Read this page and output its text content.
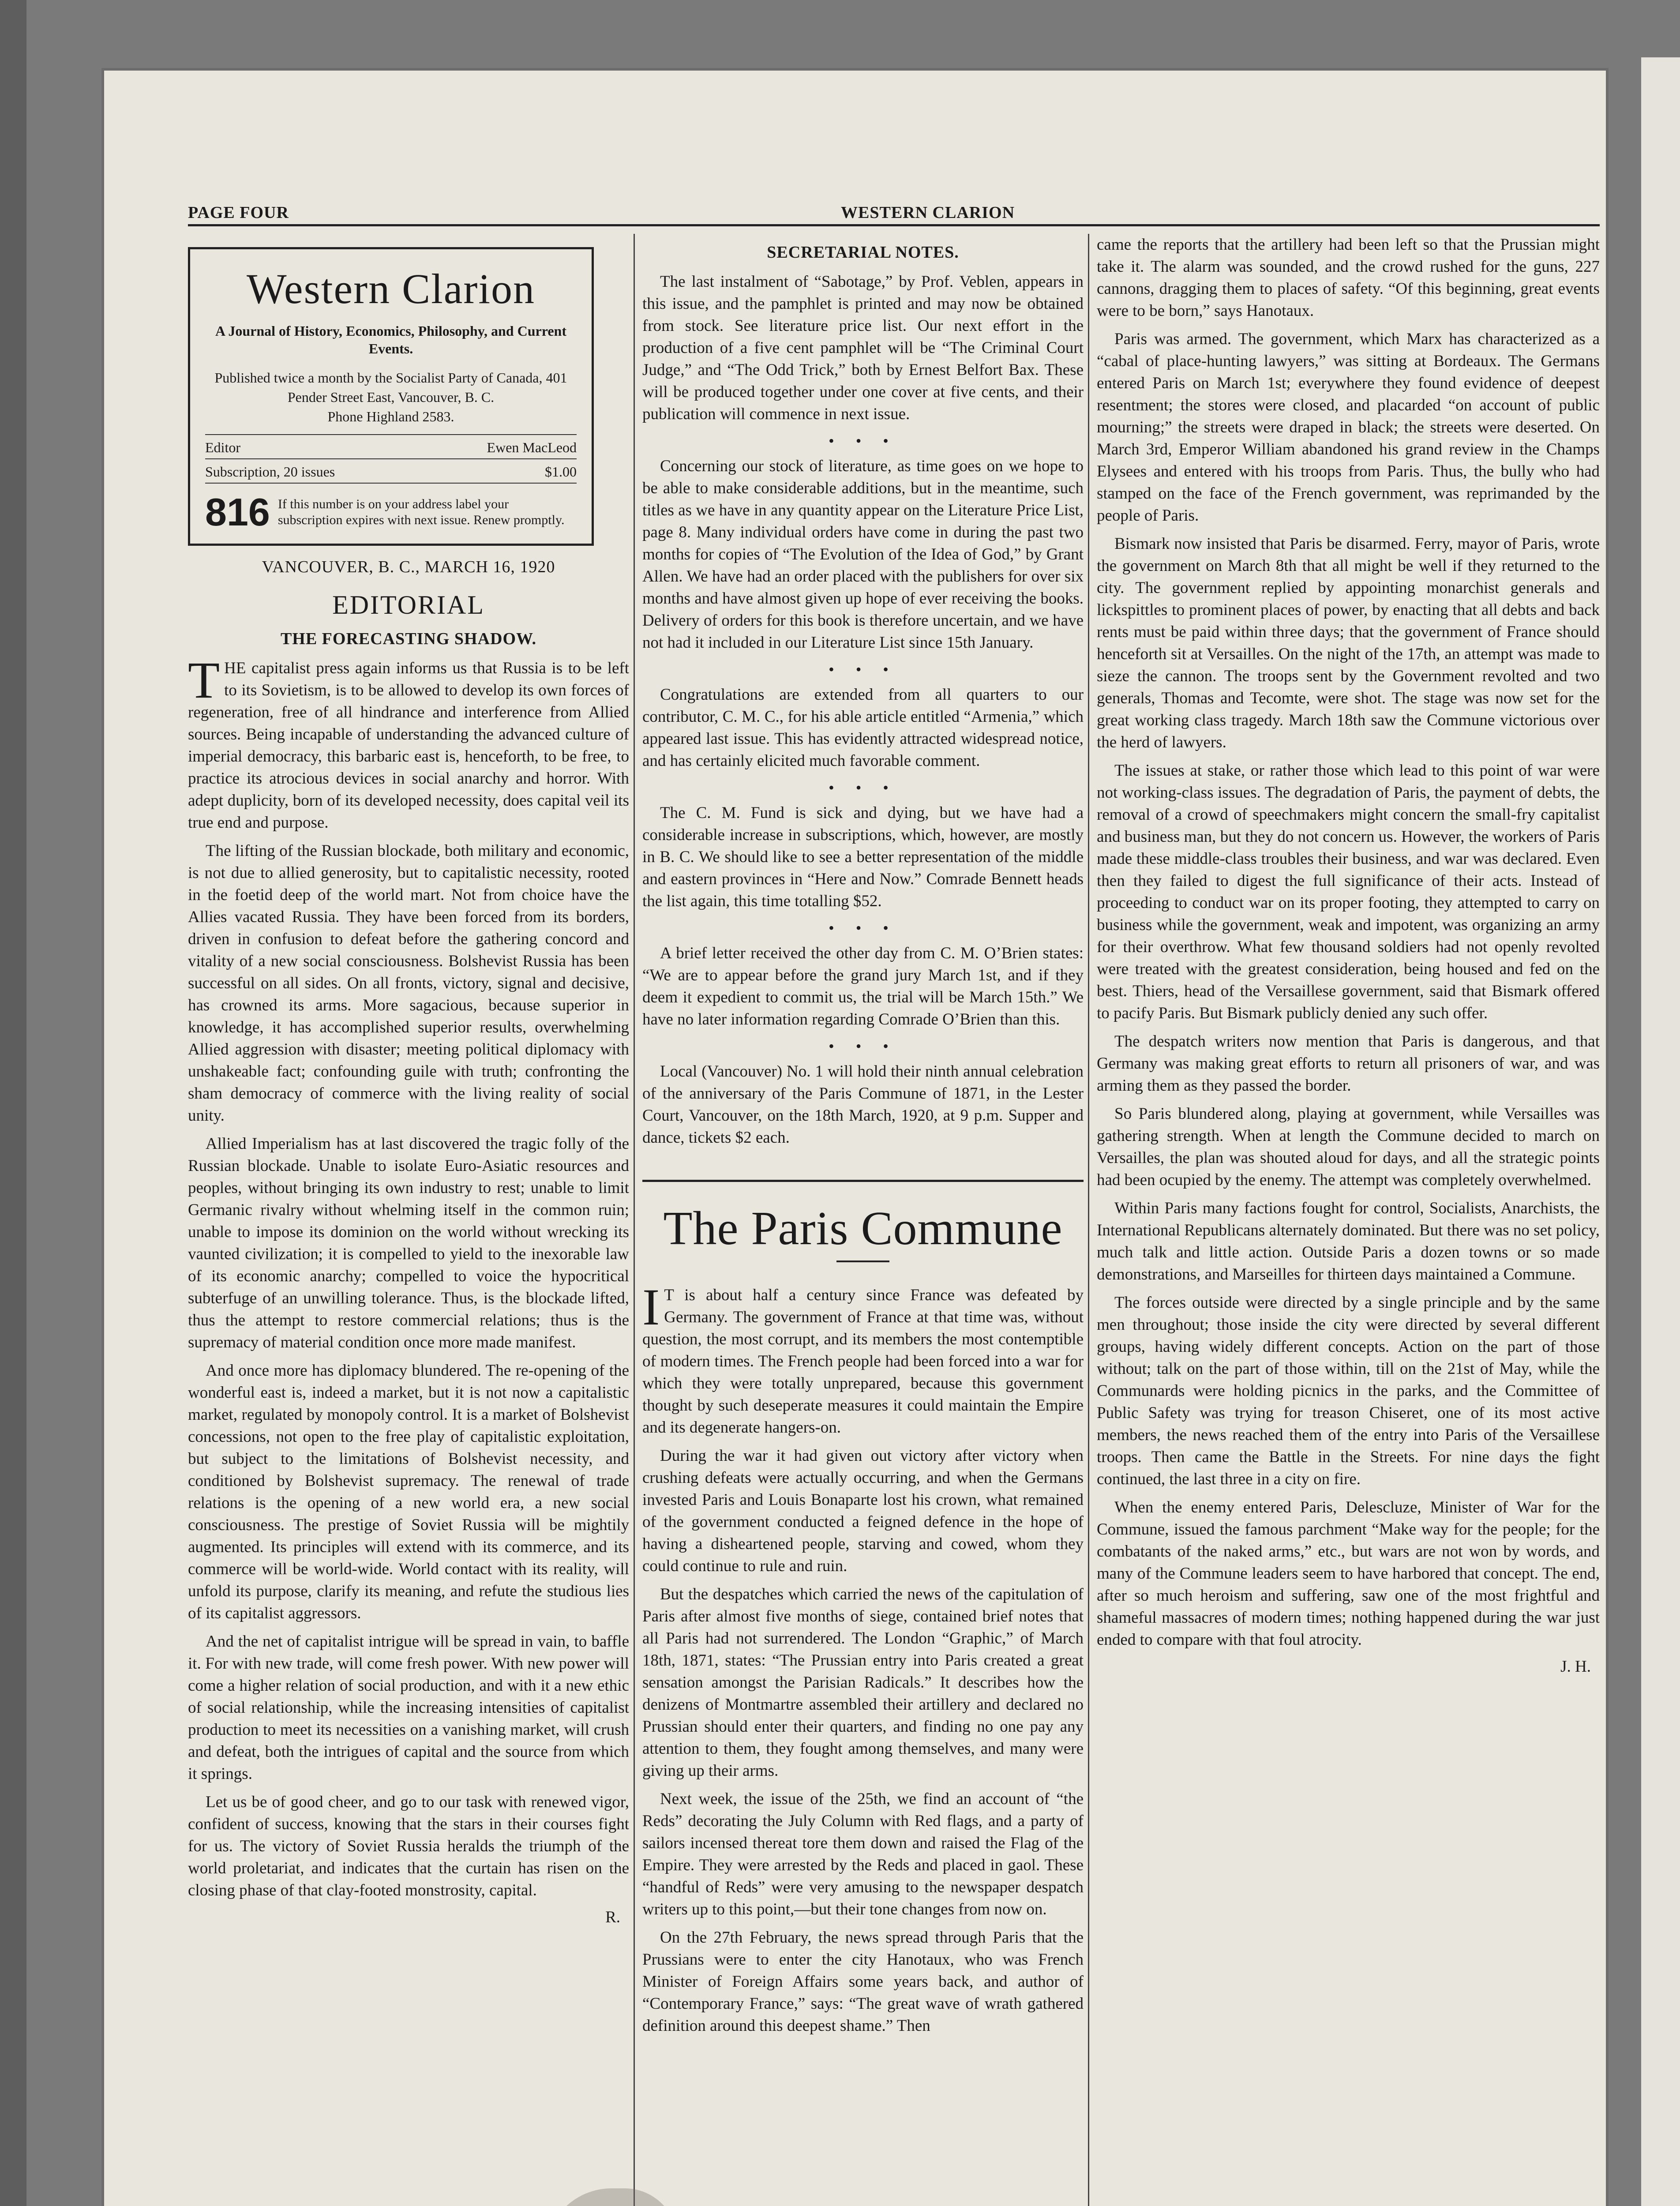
PAGE FOUR	WESTERN CLARION
Western Clarion
A Journal of History, Economics, Philosophy, and Current Events.
Published twice a month by the Socialist Party of Canada, 401 Pender Street East, Vancouver, B. C.
Phone Highland 2583.
Editor	Ewen MacLeod
Subscription, 20 issues	$1.00
816 If this number is on your address label your subscription expires with next issue. Renew promptly.
VANCOUVER, B. C., MARCH 16, 1920
EDITORIAL
THE FORECASTING SHADOW.

THE capitalist press again informs us that Russia is to be left to its Sovietism, is to be allowed to develop its own forces of regeneration, free of all hindrance and interference from Allied sources. Being incapable of understanding the advanced culture of imperial democracy, this barbaric east is, henceforth, to be free, to practice its atrocious devices in social anarchy and horror. With adept duplicity, born of its developed necessity, does capital veil its true end and purpose.

The lifting of the Russian blockade, both military and economic, is not due to allied generosity, but to capitalistic necessity, rooted in the foetid deep of the world mart. Not from choice have the Allies vacated Russia. They have been forced from its borders, driven in confusion to defeat before the gathering concord and vitality of a new social consciousness. Bolshevist Russia has been successful on all sides. On all fronts, victory, signal and decisive, has crowned its arms. More sagacious, because superior in knowledge, it has accomplished superior results, overwhelming Allied aggression with disaster; meeting political diplomacy with unshakeable fact; confounding guile with truth; confronting the sham democracy of commerce with the living reality of social unity.

Allied Imperialism has at last discovered the tragic folly of the Russian blockade. Unable to isolate Euro-Asiatic resources and peoples, without bringing its own industry to rest; unable to limit Germanic rivalry without whelming itself in the common ruin; unable to impose its dominion on the world without wrecking its vaunted civilization; it is compelled to yield to the inexorable law of its economic anarchy; compelled to voice the hypocritical subterfuge of an unwilling tolerance. Thus, is the blockade lifted, thus the attempt to restore commercial relations; thus is the supremacy of material condition once more made manifest.

And once more has diplomacy blundered. The re-opening of the wonderful east is, indeed a market, but it is not now a capitalistic market, regulated by monopoly control. It is a market of Bolshevist concessions, not open to the free play of capitalistic exploitation, but subject to the limitations of Bolshevist necessity, and conditioned by Bolshevist supremacy. The renewal of trade relations is the opening of a new world era, a new social consciousness. The prestige of Soviet Russia will be mightily augmented. Its principles will extend with its commerce, and its commerce will be world-wide. World contact with its reality, will unfold its purpose, clarify its meaning, and refute the studious lies of its capitalist aggressors.

And the net of capitalist intrigue will be spread in vain, to baffle it. For with new trade, will come fresh power. With new power will come a higher relation of social production, and with it a new ethic of social relationship, while the increasing intensities of capitalist production to meet its necessities on a vanishing market, will crush and defeat, both the intrigues of capital and the source from which it springs.

Let us be of good cheer, and go to our task with renewed vigor, confident of success, knowing that the stars in their courses fight for us. The victory of Soviet Russia heralds the triumph of the world proletariat, and indicates that the curtain has risen on the closing phase of that clay-footed monstrosity, capital.

R.
SECRETARIAL NOTES.

The last instalment of “Sabotage,” by Prof. Veblen, appears in this issue, and the pamphlet is printed and may now be obtained from stock. See literature price list. Our next effort in the production of a five cent pamphlet will be “The Criminal Court Judge,” and “The Odd Trick,” both by Ernest Belfort Bax. These will be produced together under one cover at five cents, and their publication will commence in next issue.

• • •

Concerning our stock of literature, as time goes on we hope to be able to make considerable additions, but in the meantime, such titles as we have in any quantity appear on the Literature Price List, page 8. Many individual orders have come in during the past two months for copies of “The Evolution of the Idea of God,” by Grant Allen. We have had an order placed with the publishers for over six months and have almost given up hope of ever receiving the books. Delivery of orders for this book is therefore uncertain, and we have not had it included in our Literature List since 15th January.

• • •

Congratulations are extended from all quarters to our contributor, C. M. C., for his able article entitled “Armenia,” which appeared last issue. This has evidently attracted widespread notice, and has certainly elicited much favorable comment.

• • •

The C. M. Fund is sick and dying, but we have had a considerable increase in subscriptions, which, however, are mostly in B. C. We should like to see a better representation of the middle and eastern provinces in “Here and Now.” Comrade Bennett heads the list again, this time totalling $52.

• • •

A brief letter received the other day from C. M. O’Brien states: “We are to appear before the grand jury March 1st, and if they deem it expedient to commit us, the trial will be March 15th.” We have no later information regarding Comrade O’Brien than this.

• • •

Local (Vancouver) No. 1 will hold their ninth annual celebration of the anniversary of the Paris Commune of 1871, in the Lester Court, Vancouver, on the 18th March, 1920, at 9 p.m. Supper and dance, tickets $2 each.

The Paris Commune

I T is about half a century since France was defeated by Germany. The government of France at that time was, without question, the most corrupt, and its members the most contemptible of modern times. The French people had been forced into a war for which they were totally unprepared, because this government thought by such deseperate measures it could maintain the Empire and its degenerate hangers-on.

During the war it had given out victory after victory when crushing defeats were actually occurring, and when the Germans invested Paris and Louis Bonaparte lost his crown, what remained of the government conducted a feigned defence in the hope of having a disheartened people, starving and cowed, whom they could continue to rule and ruin.

But the despatches which carried the news of the capitulation of Paris after almost five months of siege, contained brief notes that all Paris had not surrendered. The London “Graphic,” of March 18th, 1871, states: “The Prussian entry into Paris created a great sensation amongst the Parisian Radicals.” It describes how the denizens of Montmartre assembled their artillery and declared no Prussian should enter their quarters, and finding no one pay any attention to them, they fought among themselves, and many were giving up their arms.

Next week, the issue of the 25th, we find an account of “the Reds” decorating the July Column with Red flags, and a party of sailors incensed thereat tore them down and raised the Flag of the Empire. They were arrested by the Reds and placed in gaol. These “handful of Reds” were very amusing to the newspaper despatch writers up to this point,—but their tone changes from now on.

On the 27th February, the news spread through Paris that the Prussians were to enter the city Hanotaux, who was French Minister of Foreign Affairs some years back, and author of “Contemporary France,” says: “The great wave of wrath gathered definition around this deepest shame.” Then

came the reports that the artillery had been left so that the Prussian might take it. The alarm was sounded, and the crowd rushed for the guns, 227 cannons, dragging them to places of safety. “Of this beginning, great events were to be born,” says Hanotaux.

Paris was armed. The government, which Marx has characterized as a “cabal of place-hunting lawyers,” was sitting at Bordeaux. The Germans entered Paris on March 1st; everywhere they found evidence of deepest resentment; the stores were closed, and placarded “on account of public mourning;” the streets were draped in black; the streets were deserted. On March 3rd, Emperor William abandoned his grand review in the Champs Elysees and entered with his troops from Paris. Thus, the bully who had stamped on the face of the French government, was reprimanded by the people of Paris.

Bismark now insisted that Paris be disarmed. Ferry, mayor of Paris, wrote the government on March 8th that all might be well if they returned to the city. The government replied by appointing monarchist generals and lickspittles to prominent places of power, by enacting that all debts and back rents must be paid within three days; that the government of France should henceforth sit at Versailles. On the night of the 17th, an attempt was made to sieze the cannon. The troops sent by the Government revolted and two generals, Thomas and Tecomte, were shot. The stage was now set for the great working class tragedy. March 18th saw the Commune victorious over the herd of lawyers.

The issues at stake, or rather those which lead to this point of war were not working-class issues. The degradation of Paris, the payment of debts, the removal of a crowd of speechmakers might concern the small-fry capitalist and business man, but they do not concern us. However, the workers of Paris made these middle-class troubles their business, and war was declared. Even then they failed to digest the full significance of their acts. Instead of proceeding to conduct war on its proper footing, they attempted to carry on business while the government, weak and impotent, was organizing an army for their overthrow. What few thousand soldiers had not openly revolted were treated with the greatest consideration, being housed and fed on the best. Thiers, head of the Versaillese government, said that Bismark offered to pacify Paris. But Bismark publicly denied any such offer.

The despatch writers now mention that Paris is dangerous, and that Germany was making great efforts to return all prisoners of war, and was arming them as they passed the border.

So Paris blundered along, playing at government, while Versailles was gathering strength. When at length the Commune decided to march on Versailles, the plan was shouted aloud for days, and all the strategic points had been ocupied by the enemy. The attempt was completely overwhelmed.

Within Paris many factions fought for control, Socialists, Anarchists, the International Republicans alternately dominated. But there was no set policy, much talk and little action. Outside Paris a dozen towns or so made demonstrations, and Marseilles for thirteen days maintained a Commune.

The forces outside were directed by a single principle and by the same men throughout; those inside the city were directed by several different groups, having widely different concepts. Action on the part of those without; talk on the part of those within, till on the 21st of May, while the Communards were holding picnics in the parks, and the Committee of Public Safety was trying for treason Chiseret, one of its most active members, the news reached them of the entry into Paris of the Versaillese troops. Then came the Battle in the Streets. For nine days the fight continued, the last three in a city on fire.

When the enemy entered Paris, Delescluze, Minister of War for the Commune, issued the famous parchment “Make way for the people; for the combatants of the naked arms,” etc., but wars are not won by words, and many of the Commune leaders seem to have harbored that concept. The end, after so much heroism and suffering, saw one of the most frightful and shameful massacres of modern times; nothing happened during the war just ended to compare with that foul atrocity.

J. H.
